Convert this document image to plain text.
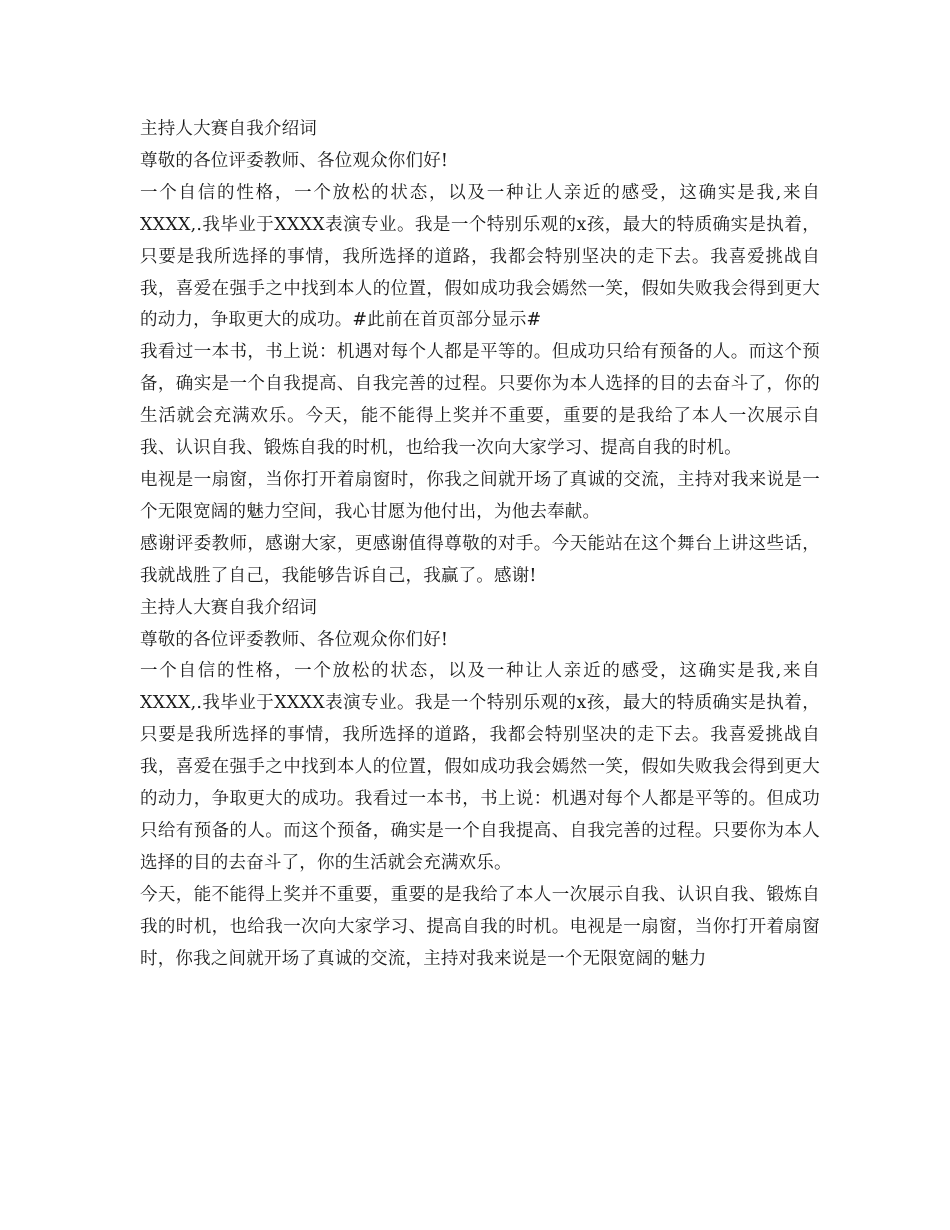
主持人大赛自我介绍词

尊敬的各位评委教师、各位观众你们好!

一个自信的性格，一个放松的状态，以及一种让人亲近的感受，这确实是我,来自XXXX,.我毕业于XXXX表演专业。我是一个特别乐观的x孩，最大的特质确实是执着，只要是我所选择的事情，我所选择的道路，我都会特别坚决的走下去。我喜爱挑战自我，喜爱在强手之中找到本人的位置，假如成功我会嫣然一笑，假如失败我会得到更大的动力，争取更大的成功。#此前在首页部分显示#

我看过一本书，书上说：机遇对每个人都是平等的。但成功只给有预备的人。而这个预备，确实是一个自我提高、自我完善的过程。只要你为本人选择的目的去奋斗了，你的生活就会充满欢乐。今天，能不能得上奖并不重要，重要的是我给了本人一次展示自我、认识自我、锻炼自我的时机，也给我一次向大家学习、提高自我的时机。

电视是一扇窗，当你打开着扇窗时，你我之间就开场了真诚的交流，主持对我来说是一个无限宽阔的魅力空间，我心甘愿为他付出，为他去奉献。

感谢评委教师，感谢大家，更感谢值得尊敬的对手。今天能站在这个舞台上讲这些话，我就战胜了自己，我能够告诉自己，我赢了。感谢!

主持人大赛自我介绍词

尊敬的各位评委教师、各位观众你们好!

一个自信的性格，一个放松的状态，以及一种让人亲近的感受，这确实是我,来自XXXX,.我毕业于XXXX表演专业。我是一个特别乐观的x孩，最大的特质确实是执着，只要是我所选择的事情，我所选择的道路，我都会特别坚决的走下去。我喜爱挑战自我，喜爱在强手之中找到本人的位置，假如成功我会嫣然一笑，假如失败我会得到更大的动力，争取更大的成功。我看过一本书，书上说：机遇对每个人都是平等的。但成功只给有预备的人。而这个预备，确实是一个自我提高、自我完善的过程。只要你为本人选择的目的去奋斗了，你的生活就会充满欢乐。

今天，能不能得上奖并不重要，重要的是我给了本人一次展示自我、认识自我、锻炼自我的时机，也给我一次向大家学习、提高自我的时机。电视是一扇窗，当你打开着扇窗时，你我之间就开场了真诚的交流，主持对我来说是一个无限宽阔的魅力
